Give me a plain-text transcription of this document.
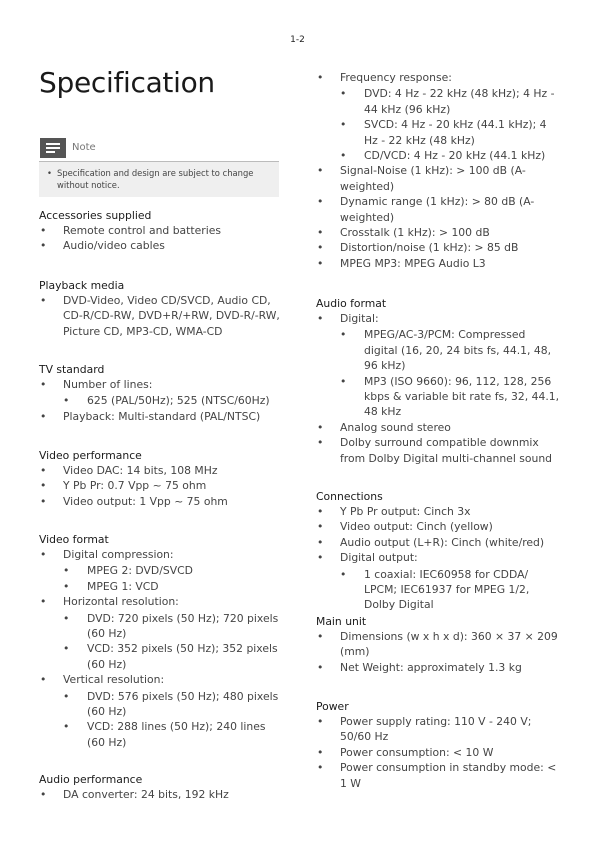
1-2
Specification
Note
• Specification and design are subject to change without notice.
Accessories supplied
• Remote control and batteries
• Audio/video cables
Playback media
• DVD-Video, Video CD/SVCD, Audio CD, CD-R/CD-RW, DVD+R/+RW, DVD-R/-RW, Picture CD, MP3-CD, WMA-CD
TV standard
• Number of lines:
• 625 (PAL/50Hz); 525 (NTSC/60Hz)
• Playback: Multi-standard (PAL/NTSC)
Video performance
• Video DAC: 14 bits, 108 MHz
• Y Pb Pr: 0.7 Vpp ~ 75 ohm
• Video output: 1 Vpp ~ 75 ohm
Video format
• Digital compression:
• MPEG 2: DVD/SVCD
• MPEG 1: VCD
• Horizontal resolution:
• DVD: 720 pixels (50 Hz); 720 pixels (60 Hz)
• VCD: 352 pixels (50 Hz); 352 pixels (60 Hz)
• Vertical resolution:
• DVD: 576 pixels (50 Hz); 480 pixels (60 Hz)
• VCD: 288 lines (50 Hz); 240 lines (60 Hz)
Audio performance
• DA converter: 24 bits, 192 kHz
• Frequency response:
• DVD: 4 Hz - 22 kHz (48 kHz); 4 Hz - 44 kHz (96 kHz)
• SVCD: 4 Hz - 20 kHz (44.1 kHz); 4 Hz - 22 kHz (48 kHz)
• CD/VCD: 4 Hz - 20 kHz (44.1 kHz)
• Signal-Noise (1 kHz): > 100 dB (A-weighted)
• Dynamic range (1 kHz): > 80 dB (A-weighted)
• Crosstalk (1 kHz): > 100 dB
• Distortion/noise (1 kHz): > 85 dB
• MPEG MP3: MPEG Audio L3
Audio format
• Digital:
• MPEG/AC-3/PCM: Compressed digital (16, 20, 24 bits fs, 44.1, 48, 96 kHz)
• MP3 (ISO 9660): 96, 112, 128, 256 kbps & variable bit rate fs, 32, 44.1, 48 kHz
• Analog sound stereo
• Dolby surround compatible downmix from Dolby Digital multi-channel sound
Connections
• Y Pb Pr output: Cinch 3x
• Video output: Cinch (yellow)
• Audio output (L+R): Cinch (white/red)
• Digital output:
• 1 coaxial: IEC60958 for CDDA/ LPCM; IEC61937 for MPEG 1/2, Dolby Digital
Main unit
• Dimensions (w x h x d): 360 × 37 × 209 (mm)
• Net Weight: approximately 1.3 kg
Power
• Power supply rating: 110 V - 240 V; 50/60 Hz
• Power consumption: < 10 W
• Power consumption in standby mode: < 1 W
